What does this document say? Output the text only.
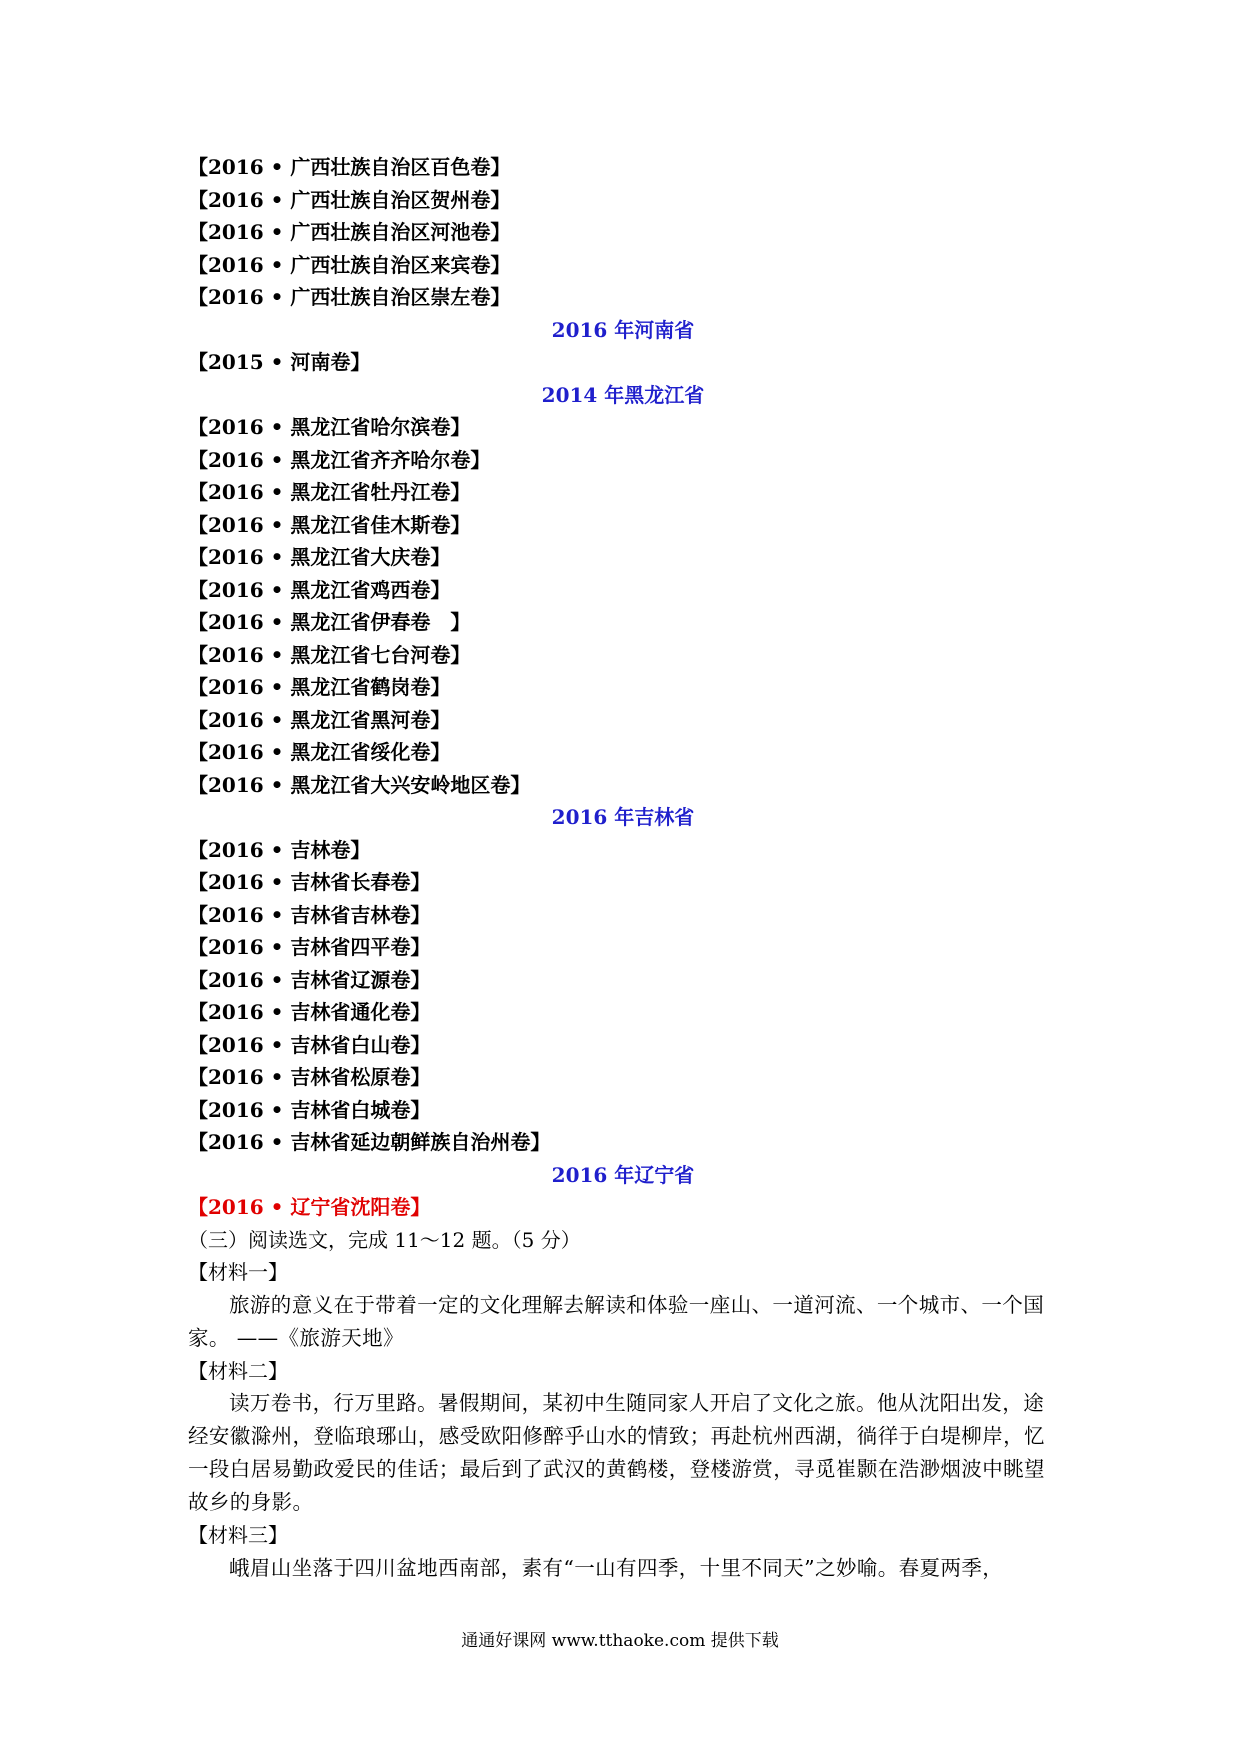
【2016 • 广西壮族自治区百色卷】
【2016 • 广西壮族自治区贺州卷】
【2016 • 广西壮族自治区河池卷】
【2016 • 广西壮族自治区来宾卷】
【2016 • 广西壮族自治区崇左卷】
2016 年河南省
【2015 • 河南卷】
2014 年黑龙江省
【2016 • 黑龙江省哈尔滨卷】
【2016 • 黑龙江省齐齐哈尔卷】
【2016 • 黑龙江省牡丹江卷】
【2016 • 黑龙江省佳木斯卷】
【2016 • 黑龙江省大庆卷】
【2016 • 黑龙江省鸡西卷】
【2016 • 黑龙江省伊春卷　】
【2016 • 黑龙江省七台河卷】
【2016 • 黑龙江省鹤岗卷】
【2016 • 黑龙江省黑河卷】
【2016 • 黑龙江省绥化卷】
【2016 • 黑龙江省大兴安岭地区卷】
2016 年吉林省
【2016 • 吉林卷】
【2016 • 吉林省长春卷】
【2016 • 吉林省吉林卷】
【2016 • 吉林省四平卷】
【2016 • 吉林省辽源卷】
【2016 • 吉林省通化卷】
【2016 • 吉林省白山卷】
【2016 • 吉林省松原卷】
【2016 • 吉林省白城卷】
【2016 • 吉林省延边朝鲜族自治州卷】
2016 年辽宁省
【2016 • 辽宁省沈阳卷】
（三）阅读选文，完成 11～12 题。（5 分）
【材料一】
旅游的意义在于带着一定的文化理解去解读和体验一座山、一道河流、一个城市、一个国家。 ——《旅游天地》
【材料二】
读万卷书，行万里路。暑假期间，某初中生随同家人开启了文化之旅。他从沈阳出发，途经安徽滁州，登临琅琊山，感受欧阳修醉乎山水的情致；再赴杭州西湖，徜徉于白堤柳岸，忆一段白居易勤政爱民的佳话；最后到了武汉的黄鹤楼，登楼游赏，寻觅崔颢在浩渺烟波中眺望故乡的身影。
【材料三】
峨眉山坐落于四川盆地西南部，素有“一山有四季，十里不同天”之妙喻。春夏两季，
通通好课网 www.tthaoke.com 提供下载
